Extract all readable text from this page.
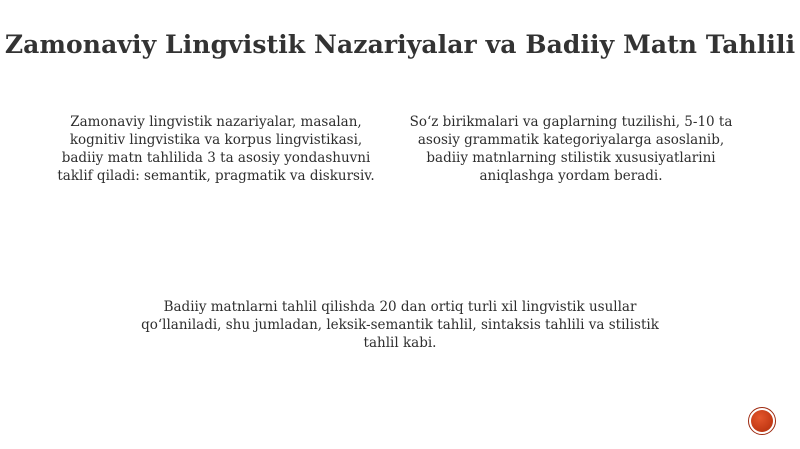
Zamonaviy Lingvistik Nazariyalar va Badiiy Matn Tahlili

Zamonaviy lingvistik nazariyalar, masalan, kognitiv lingvistika va korpus lingvistikasi, badiiy matn tahlilida 3 ta asosiy yondashuvni taklif qiladi: semantik, pragmatik va diskursiv.

So‘z birikmalari va gaplarning tuzilishi, 5-10 ta asosiy grammatik kategoriyalarga asoslanib, badiiy matnlarning stilistik xususiyatlarini aniqlashga yordam beradi.

Badiiy matnlarni tahlil qilishda 20 dan ortiq turli xil lingvistik usullar qo‘llaniladi, shu jumladan, leksik-semantik tahlil, sintaksis tahlili va stilistik tahlil kabi.
